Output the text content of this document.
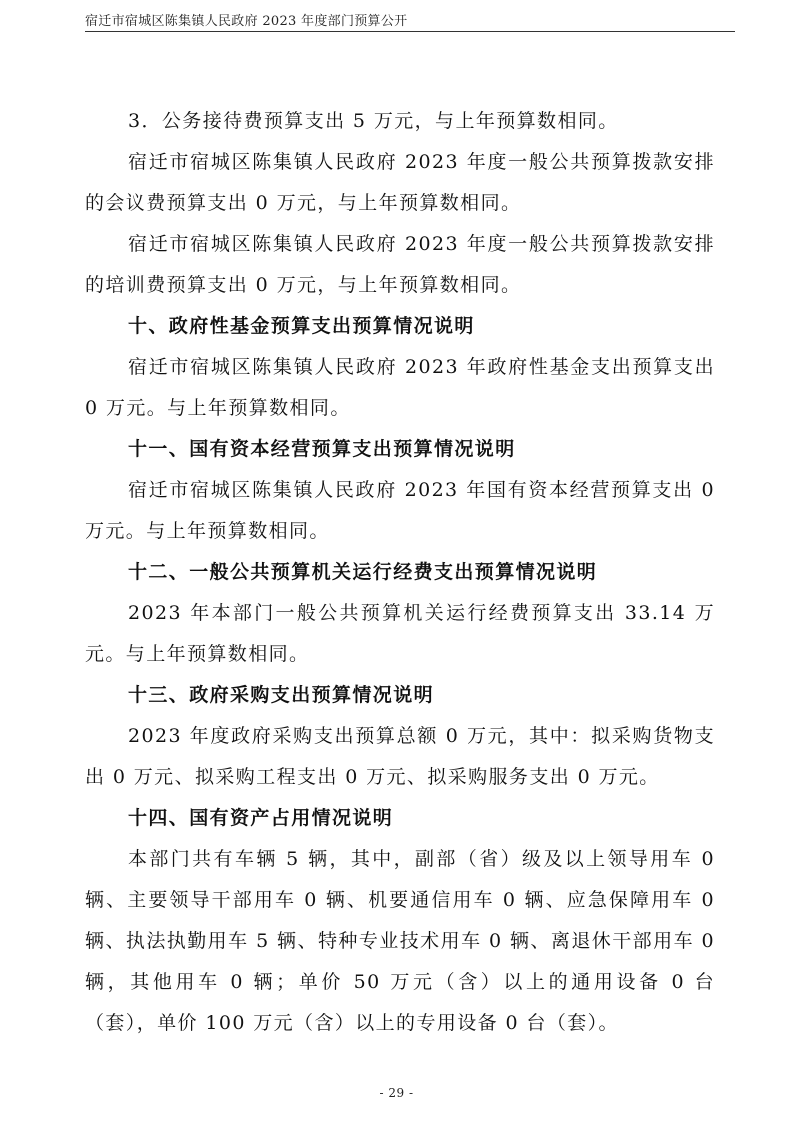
宿迁市宿城区陈集镇人民政府 2023 年度部门预算公开

3．公务接待费预算支出 5 万元，与上年预算数相同。

宿迁市宿城区陈集镇人民政府 2023 年度一般公共预算拨款安排的会议费预算支出 0 万元，与上年预算数相同。

宿迁市宿城区陈集镇人民政府 2023 年度一般公共预算拨款安排的培训费预算支出 0 万元，与上年预算数相同。

十、政府性基金预算支出预算情况说明

宿迁市宿城区陈集镇人民政府 2023 年政府性基金支出预算支出 0 万元。与上年预算数相同。

十一、国有资本经营预算支出预算情况说明

宿迁市宿城区陈集镇人民政府 2023 年国有资本经营预算支出 0 万元。与上年预算数相同。

十二、一般公共预算机关运行经费支出预算情况说明

2023 年本部门一般公共预算机关运行经费预算支出 33.14 万元。与上年预算数相同。

十三、政府采购支出预算情况说明

2023 年度政府采购支出预算总额 0 万元，其中：拟采购货物支出 0 万元、拟采购工程支出 0 万元、拟采购服务支出 0 万元。

十四、国有资产占用情况说明

本部门共有车辆 5 辆，其中，副部（省）级及以上领导用车 0 辆、主要领导干部用车 0 辆、机要通信用车 0 辆、应急保障用车 0 辆、执法执勤用车 5 辆、特种专业技术用车 0 辆、离退休干部用车 0 辆，其他用车 0 辆；单价 50 万元（含）以上的通用设备 0 台（套），单价 100 万元（含）以上的专用设备 0 台（套）。

- 29 -
